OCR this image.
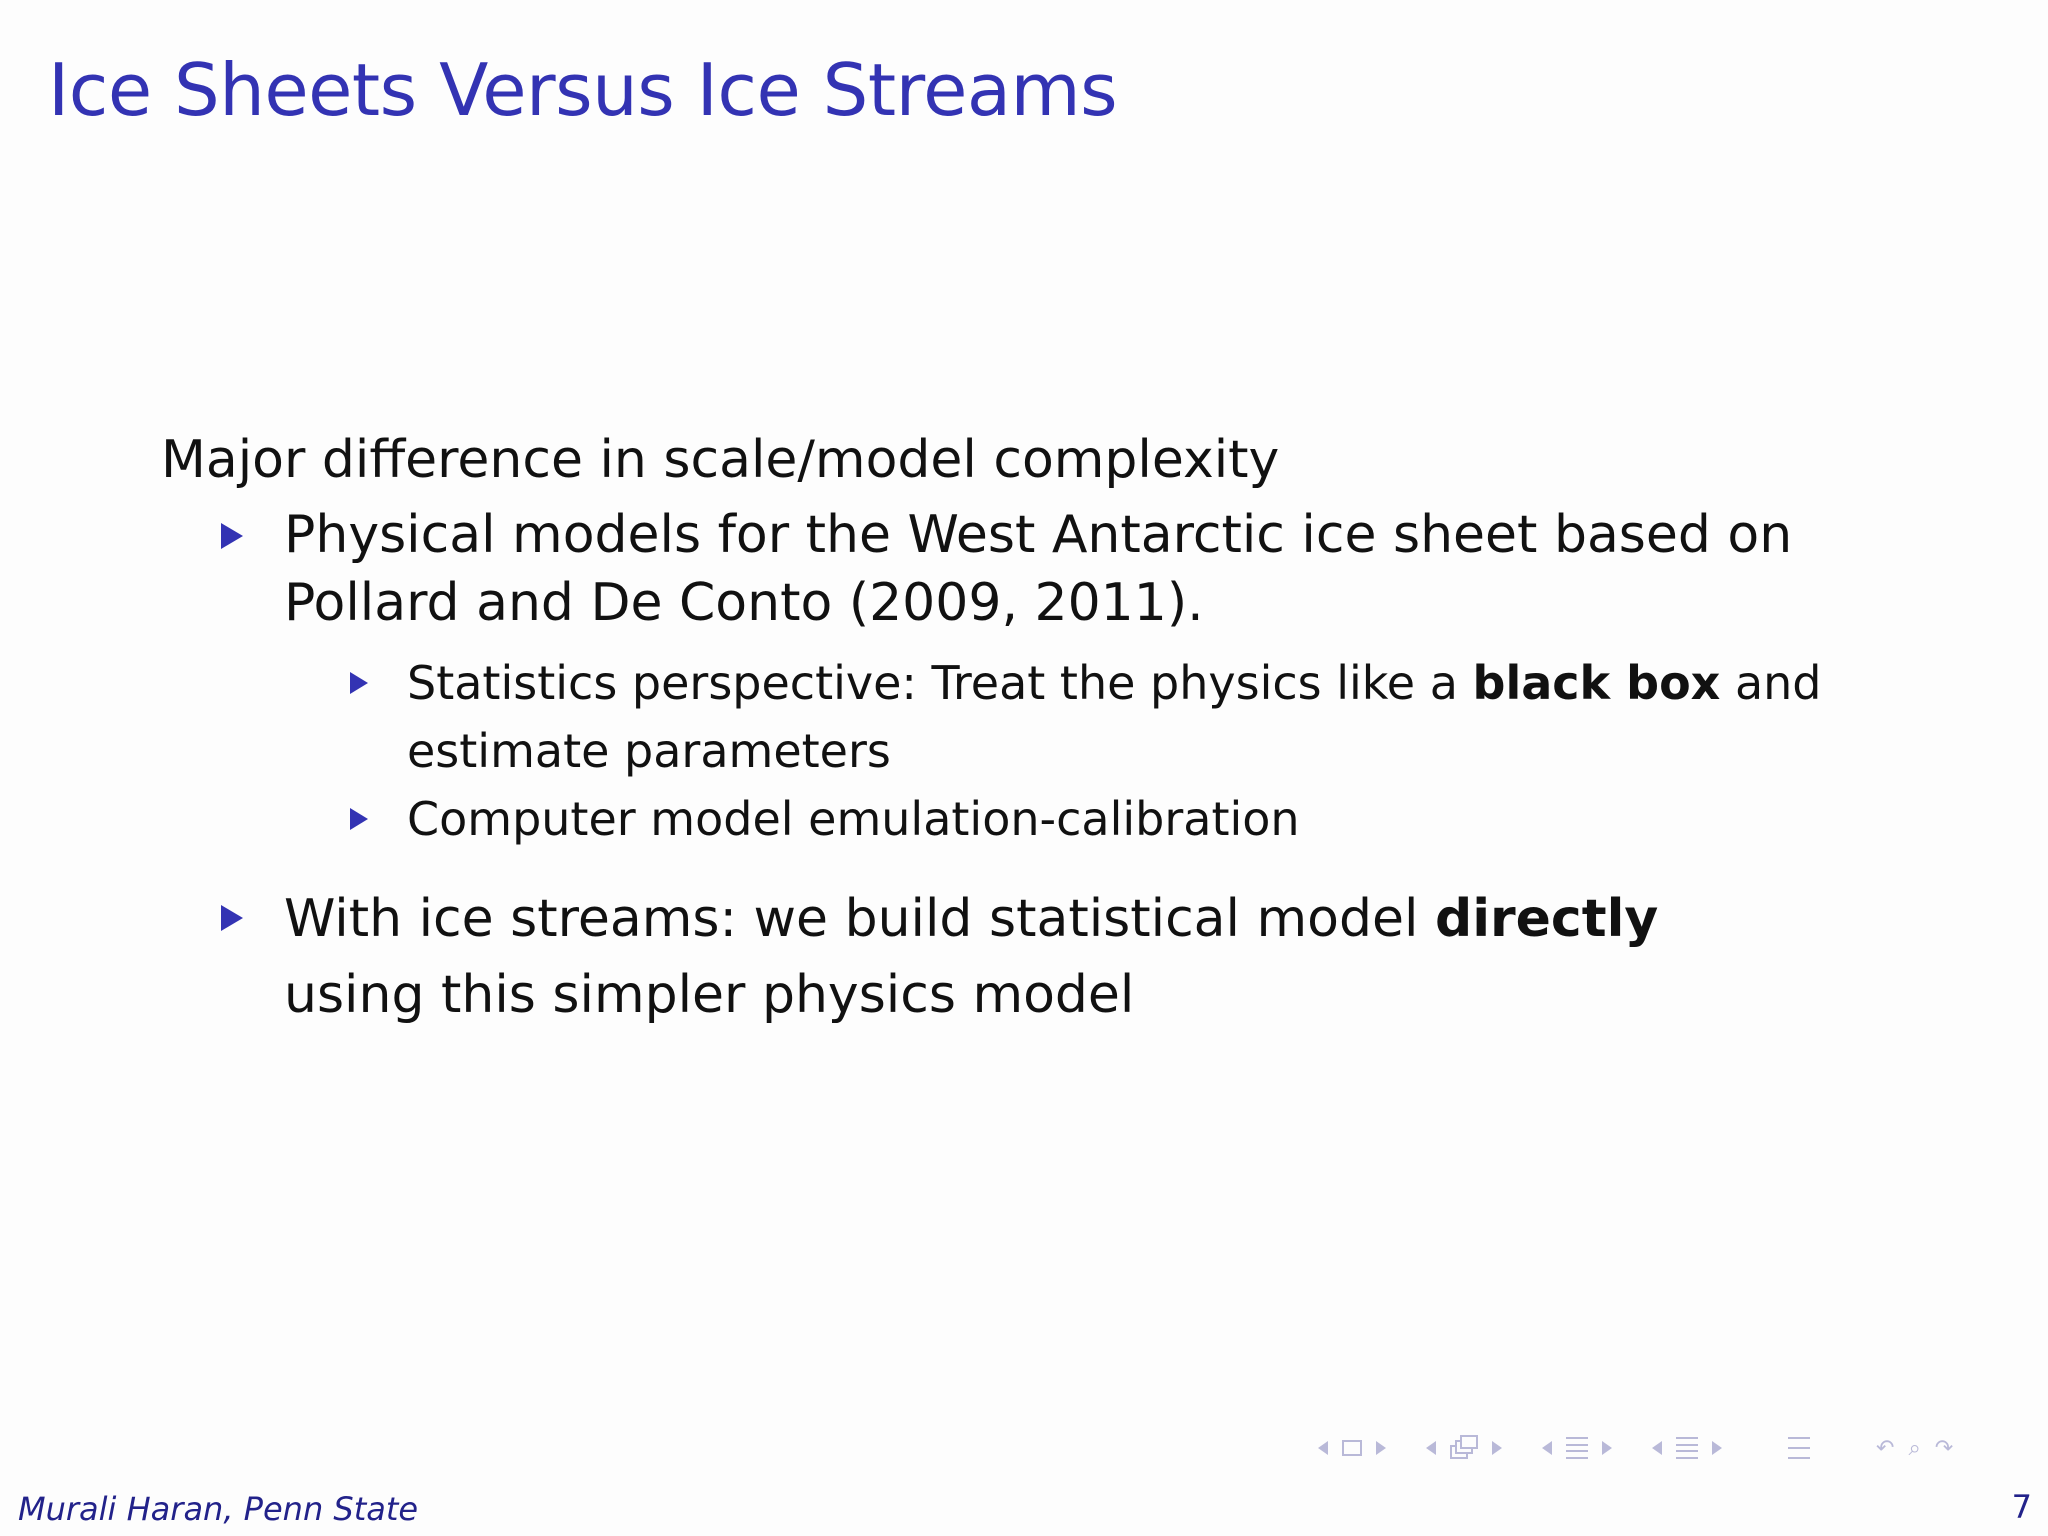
Ice Sheets Versus Ice Streams
Major difference in scale/model complexity
Physical models for the West Antarctic ice sheet based on Pollard and De Conto (2009, 2011).
Statistics perspective: Treat the physics like a black box and estimate parameters
Computer model emulation-calibration
With ice streams: we build statistical model directly using this simpler physics model
↶ ⌕ ↷
Murali Haran, Penn State	7
